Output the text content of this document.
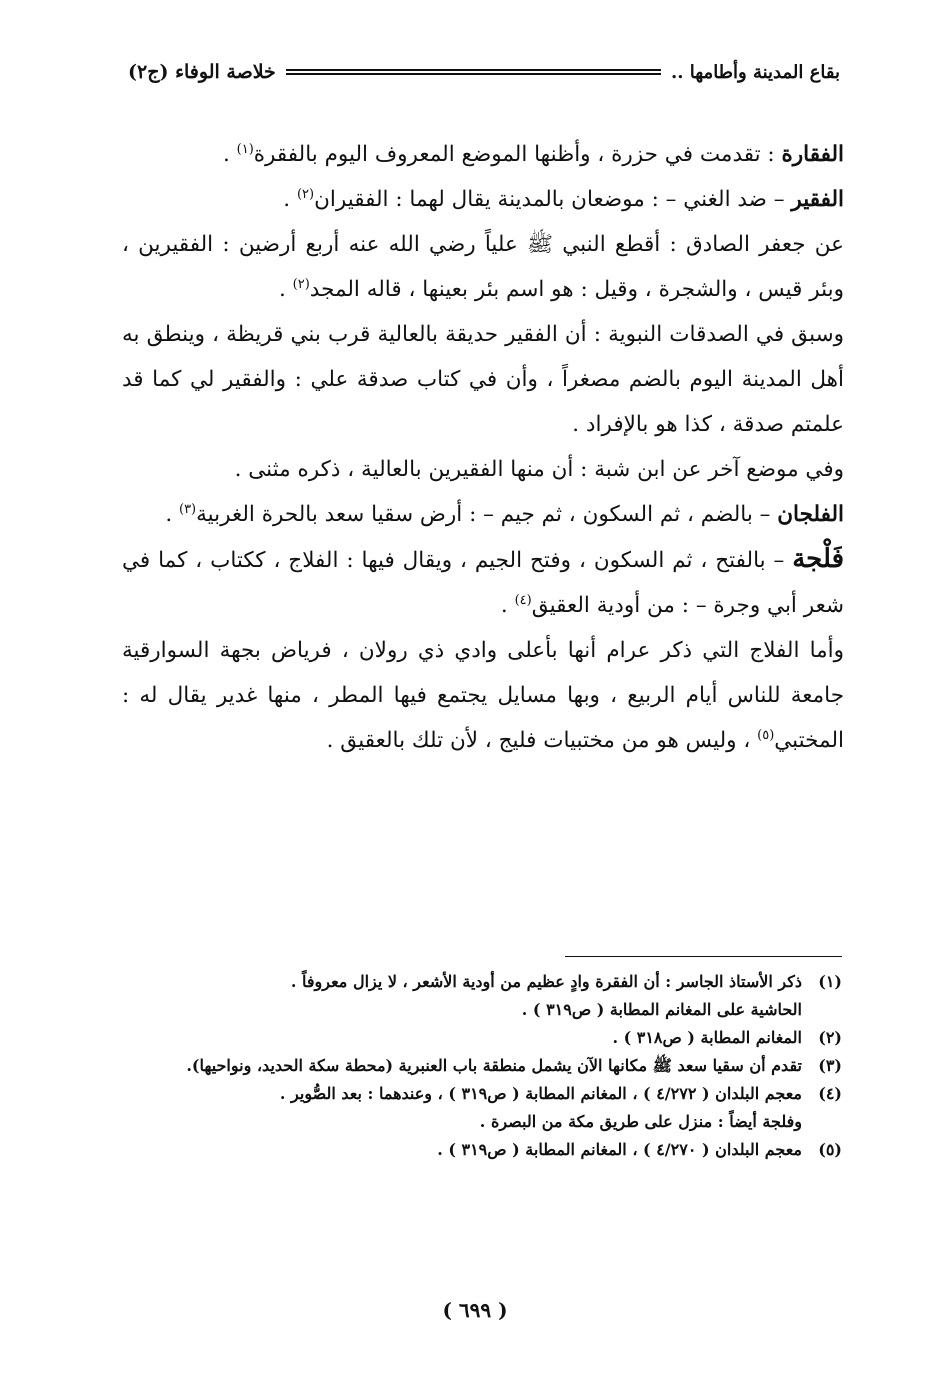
خلاصة الوفاء (ج٢)	بقاع المدينة وأطامها ..

الفقارة : تقدمت في حزرة ، وأظنها الموضع المعروف اليوم بالفقرة$^{(١)}$ .

الفقير – ضد الغني – : موضعان بالمدينة يقال لهما : الفقيران$^{(٢)}$ .

عن جعفر الصادق : أقطع النبي ﷺ علياً رضي الله عنه أربع أرضين : الفقيرين ، وبئر قيس ، والشجرة ، وقيل : هو اسم بئر بعينها ، قاله المجد$^{(٢)}$ .

وسبق في الصدقات النبوية : أن الفقير حديقة بالعالية قرب بني قريظة ، وينطق به أهل المدينة اليوم بالضم مصغراً ، وأن في كتاب صدقة علي : والفقير لي كما قد علمتم صدقة ، كذا هو بالإفراد .

وفي موضع آخر عن ابن شبة : أن منها الفقيرين بالعالية ، ذكره مثنى .

الفلجان – بالضم ، ثم السكون ، ثم جيم – : أرض سقيا سعد بالحرة الغربية$^{(٣)}$ .

فَلْجة – بالفتح ، ثم السكون ، وفتح الجيم ، ويقال فيها : الفلاج ، ككتاب ، كما في شعر أبي وجرة – : من أودية العقيق$^{(٤)}$ .

وأما الفلاج التي ذكر عرام أنها بأعلى وادي ذي رولان ، فرياض بجهة السوارقية جامعة للناس أيام الربيع ، وبها مسايل يجتمع فيها المطر ، منها غدير يقال له : المختبي$^{(٥)}$ ، وليس هو من مختبيات فليج ، لأن تلك بالعقيق .

(١)
ذكر الأستاذ الجاسر : أن الفقرة وادٍ عظيم من أودية الأشعر ، لا يزال معروفاً .
الحاشية على المغانم المطابة ( ص٣١٩ ) .
(٢)
المغانم المطابة ( ص٣١٨ ) .
(٣)
تقدم أن سقيا سعد ﷺ مكانها الآن يشمل منطقة باب العنبرية (محطة سكة الحديد، ونواحيها).
(٤)
معجم البلدان ( ٤/٢٧٢ ) ، المغانم المطابة ( ص٣١٩ ) ، وعندهما : بعد الصُّوير .
وفلجة أيضاً : منزل على طريق مكة من البصرة .
(٥)
معجم البلدان ( ٤/٢٧٠ ) ، المغانم المطابة ( ص٣١٩ ) .
( ٦٩٩ )
